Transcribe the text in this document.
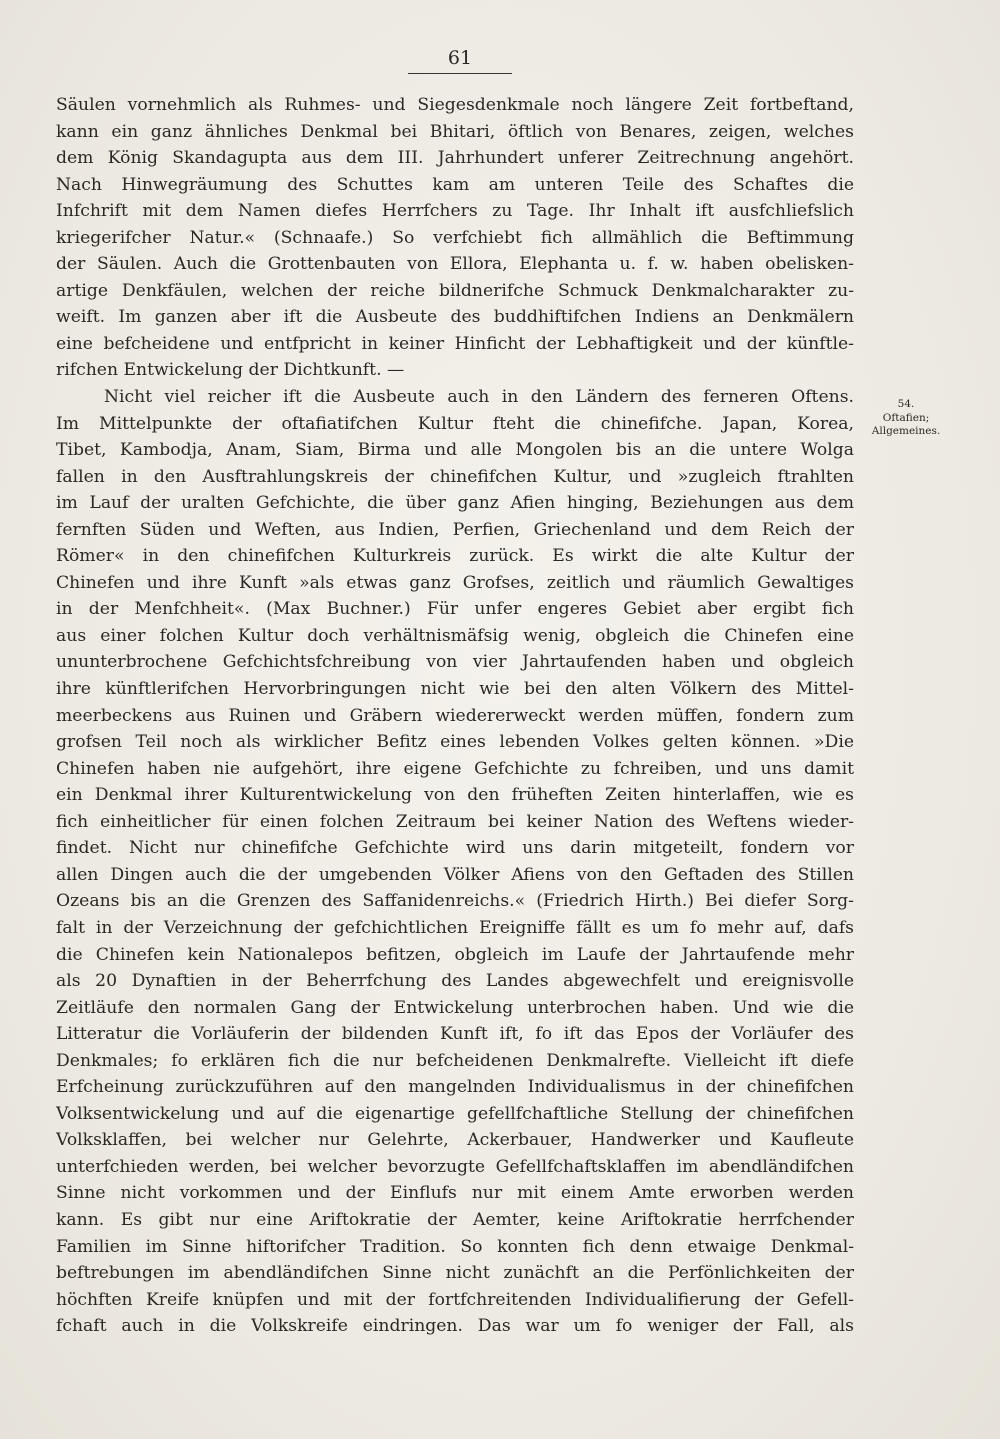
61
Säulen vornehmlich als Ruhmes- und Siegesdenkmale noch längere Zeit fortbeftand,
kann ein ganz ähnliches Denkmal bei Bhitari, öftlich von Benares, zeigen, welches
dem König Skandagupta aus dem III. Jahrhundert unferer Zeitrechnung angehört.
Nach Hinwegräumung des Schuttes kam am unteren Teile des Schaftes die
Infchrift mit dem Namen diefes Herrfchers zu Tage. Ihr Inhalt ift ausfchliefslich
kriegerifcher Natur.« (Schnaafe.) So verfchiebt fich allmählich die Beftimmung
der Säulen. Auch die Grottenbauten von Ellora, Elephanta u. f. w. haben obelisken-
artige Denkfäulen, welchen der reiche bildnerifche Schmuck Denkmalcharakter zu-
weift. Im ganzen aber ift die Ausbeute des buddhiftifchen Indiens an Denkmälern
eine befcheidene und entfpricht in keiner Hinficht der Lebhaftigkeit und der künftle-
rifchen Entwickelung der Dichtkunft. —
Nicht viel reicher ift die Ausbeute auch in den Ländern des ferneren Oftens.
Im Mittelpunkte der oftafiatifchen Kultur fteht die chinefifche. Japan, Korea,
Tibet, Kambodja, Anam, Siam, Birma und alle Mongolen bis an die untere Wolga
fallen in den Ausftrahlungskreis der chinefifchen Kultur, und »zugleich ftrahlten
im Lauf der uralten Gefchichte, die über ganz Afien hinging, Beziehungen aus dem
fernften Süden und Weften, aus Indien, Perfien, Griechenland und dem Reich der
Römer« in den chinefifchen Kulturkreis zurück. Es wirkt die alte Kultur der
Chinefen und ihre Kunft »als etwas ganz Grofses, zeitlich und räumlich Gewaltiges
in der Menfchheit«. (Max Buchner.) Für unfer engeres Gebiet aber ergibt fich
aus einer folchen Kultur doch verhältnismäfsig wenig, obgleich die Chinefen eine
ununterbrochene Gefchichtsfchreibung von vier Jahrtaufenden haben und obgleich
ihre künftlerifchen Hervorbringungen nicht wie bei den alten Völkern des Mittel-
meerbeckens aus Ruinen und Gräbern wiedererweckt werden müffen, fondern zum
grofsen Teil noch als wirklicher Befitz eines lebenden Volkes gelten können. »Die
Chinefen haben nie aufgehört, ihre eigene Gefchichte zu fchreiben, und uns damit
ein Denkmal ihrer Kulturentwickelung von den früheften Zeiten hinterlaffen, wie es
fich einheitlicher für einen folchen Zeitraum bei keiner Nation des Weftens wieder-
findet. Nicht nur chinefifche Gefchichte wird uns darin mitgeteilt, fondern vor
allen Dingen auch die der umgebenden Völker Afiens von den Geftaden des Stillen
Ozeans bis an die Grenzen des Saffanidenreichs.« (Friedrich Hirth.) Bei diefer Sorg-
falt in der Verzeichnung der gefchichtlichen Ereigniffe fällt es um fo mehr auf, dafs
die Chinefen kein Nationalepos befitzen, obgleich im Laufe der Jahrtaufende mehr
als 20 Dynaftien in der Beherrfchung des Landes abgewechfelt und ereignisvolle
Zeitläufe den normalen Gang der Entwickelung unterbrochen haben. Und wie die
Litteratur die Vorläuferin der bildenden Kunft ift, fo ift das Epos der Vorläufer des
Denkmales; fo erklären fich die nur befcheidenen Denkmalrefte. Vielleicht ift diefe
Erfcheinung zurückzuführen auf den mangelnden Individualismus in der chinefifchen
Volksentwickelung und auf die eigenartige gefellfchaftliche Stellung der chinefifchen
Volksklaffen, bei welcher nur Gelehrte, Ackerbauer, Handwerker und Kaufleute
unterfchieden werden, bei welcher bevorzugte Gefellfchaftsklaffen im abendländifchen
Sinne nicht vorkommen und der Einflufs nur mit einem Amte erworben werden
kann. Es gibt nur eine Ariftokratie der Aemter, keine Ariftokratie herrfchender
Familien im Sinne hiftorifcher Tradition. So konnten fich denn etwaige Denkmal-
beftrebungen im abendländifchen Sinne nicht zunächft an die Perfönlichkeiten der
höchften Kreife knüpfen und mit der fortfchreitenden Individualifierung der Gefell-
fchaft auch in die Volkskreife eindringen. Das war um fo weniger der Fall, als
54.
Oftafien;
Allgemeines.
